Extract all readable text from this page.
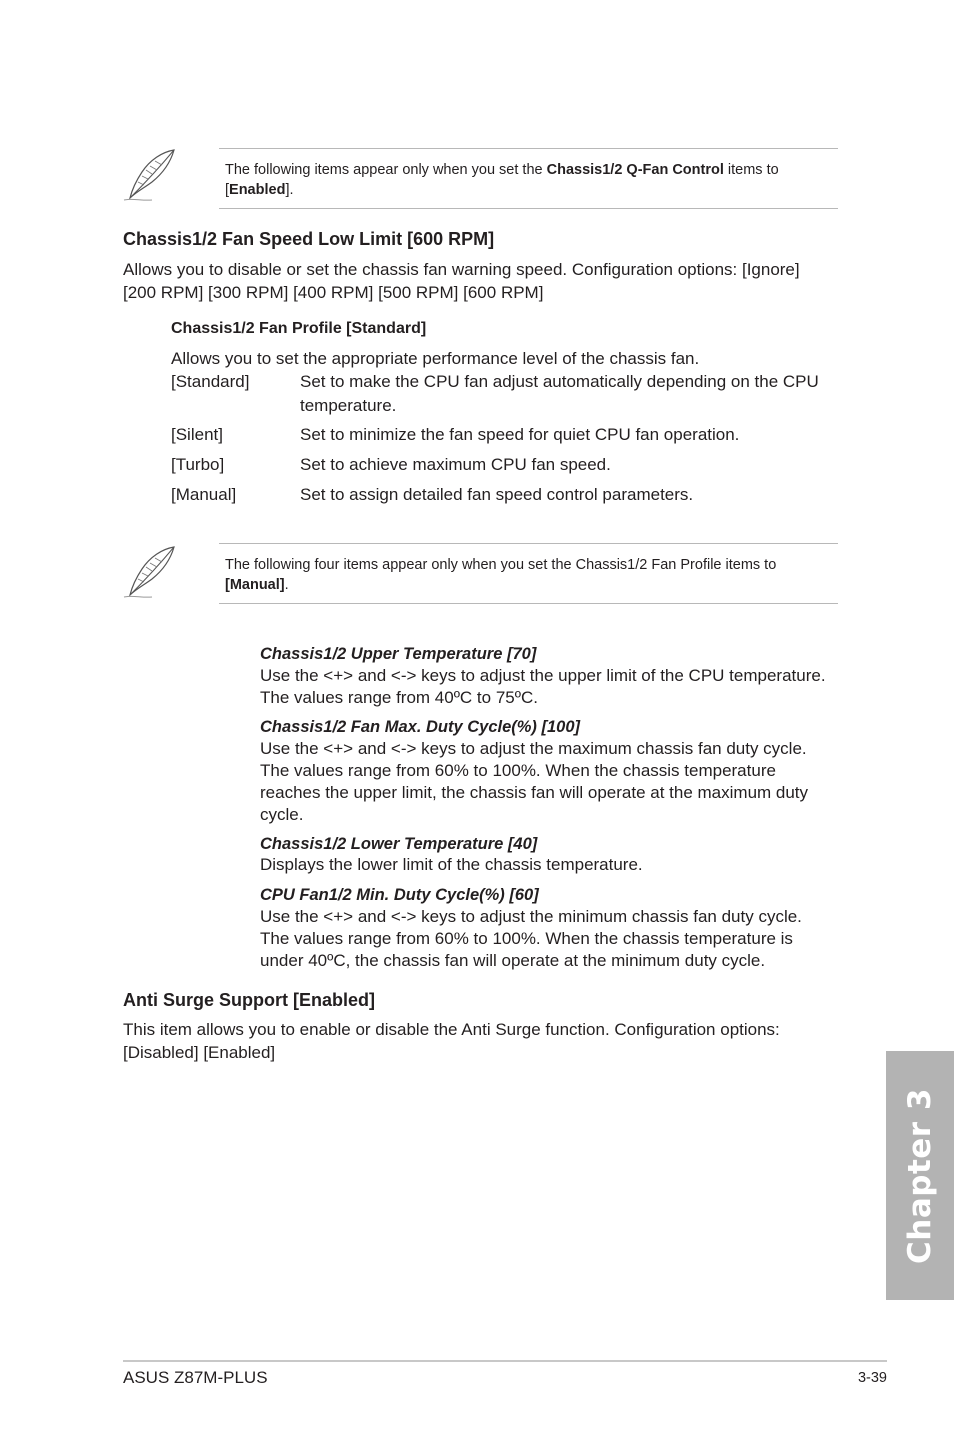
The following items appear only when you set the Chassis1/2 Q-Fan Control items to [Enabled].
Chassis1/2 Fan Speed Low Limit [600 RPM]
Allows you to disable or set the chassis fan warning speed. Configuration options: [Ignore]
[200 RPM] [300 RPM] [400 RPM] [500 RPM] [600 RPM]
Chassis1/2 Fan Profile [Standard]
Allows you to set the appropriate performance level of the chassis fan.
[Standard]	Set to make the CPU fan adjust automatically depending on the CPU
temperature.
[Silent]	Set to minimize the fan speed for quiet CPU fan operation.
[Turbo]	Set to achieve maximum CPU fan speed.
[Manual]	Set to assign detailed fan speed control parameters.
The following four items appear only when you set the Chassis1/2 Fan Profile items to
[Manual].
Chassis1/2 Upper Temperature [70]
Use the <+> and <-> keys to adjust the upper limit of the CPU temperature.
The values range from 40ºC to 75ºC.
Chassis1/2 Fan Max. Duty Cycle(%) [100]
Use the <+> and <-> keys to adjust the maximum chassis fan duty cycle.
The values range from 60% to 100%. When the chassis temperature
reaches the upper limit, the chassis fan will operate at the maximum duty
cycle.
Chassis1/2 Lower Temperature [40]
Displays the lower limit of the chassis temperature.
CPU Fan1/2 Min. Duty Cycle(%) [60]
Use the <+> and <-> keys to adjust the minimum chassis fan duty cycle.
The values range from 60% to 100%. When the chassis temperature is
under 40ºC, the chassis fan will operate at the minimum duty cycle.
Anti Surge Support [Enabled]
This item allows you to enable or disable the Anti Surge function. Configuration options:
[Disabled] [Enabled]
Chapter 3
ASUS Z87M-PLUS	3-39
